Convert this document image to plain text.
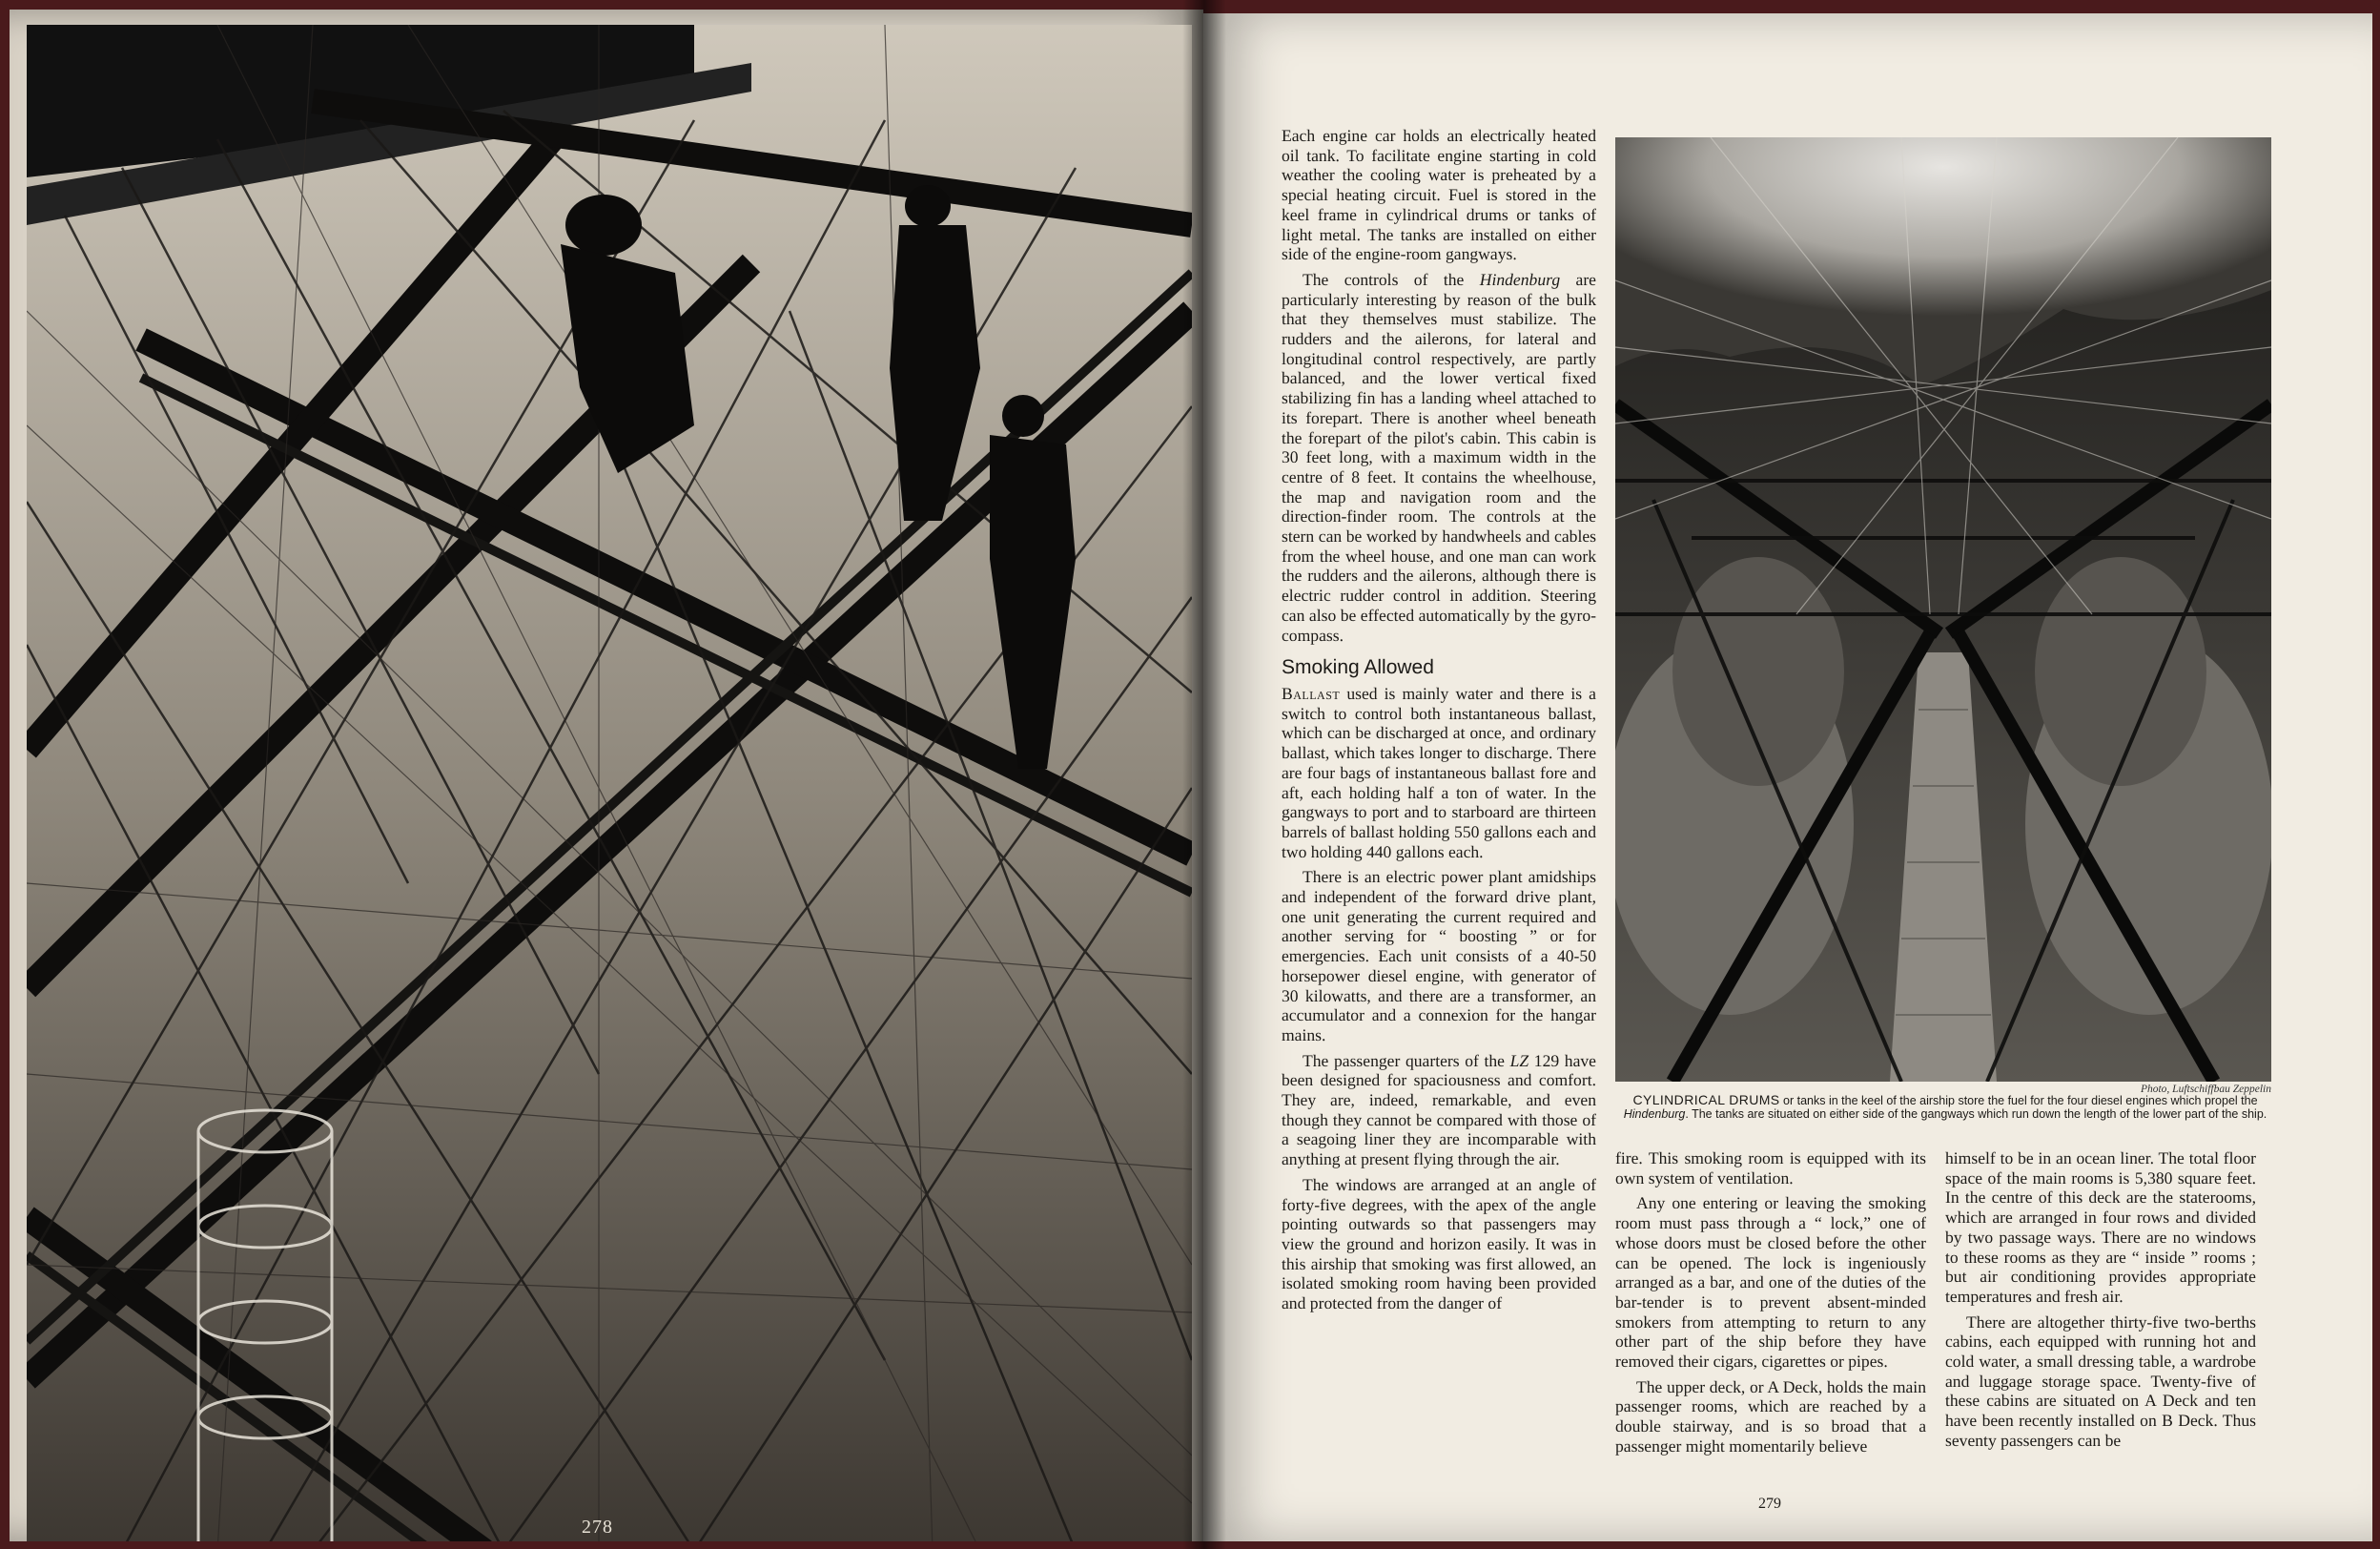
278

Each engine car holds an electrically heated oil tank. To facilitate engine starting in cold weather the cooling water is preheated by a special heating circuit. Fuel is stored in the keel frame in cylindrical drums or tanks of light metal. The tanks are installed on either side of the engine-room gangways.

The controls of the Hindenburg are particularly interesting by reason of the bulk that they themselves must stabilize. The rudders and the ailerons, for lateral and longitudinal control respectively, are partly balanced, and the lower vertical fixed stabilizing fin has a landing wheel attached to its forepart. There is another wheel beneath the forepart of the pilot's cabin. This cabin is 30 feet long, with a maximum width in the centre of 8 feet. It contains the wheelhouse, the map and navigation room and the direction-finder room. The controls at the stern can be worked by handwheels and cables from the wheel house, and one man can work the rudders and the ailerons, although there is electric rudder control in addition. Steering can also be effected automatically by the gyro-compass.

Smoking Allowed

Ballast used is mainly water and there is a switch to control both instantaneous ballast, which can be discharged at once, and ordinary ballast, which takes longer to discharge. There are four bags of instantaneous ballast fore and aft, each holding half a ton of water. In the gangways to port and to starboard are thirteen barrels of ballast holding 550 gallons each and two holding 440 gallons each.

There is an electric power plant amidships and independent of the forward drive plant, one unit generating the current required and another serving for “ boosting ” or for emergencies. Each unit consists of a 40-50 horsepower diesel engine, with generator of 30 kilowatts, and there are a transformer, an accumulator and a connexion for the hangar mains.

The passenger quarters of the LZ 129 have been designed for spaciousness and comfort. They are, indeed, remarkable, and even though they cannot be compared with those of a seagoing liner they are incomparable with anything at present flying through the air.

The windows are arranged at an angle of forty-five degrees, with the apex of the angle pointing outwards so that passengers may view the ground and horizon easily. It was in this airship that smoking was first allowed, an isolated smoking room having been provided and protected from the danger of

Photo, Luftschiffbau Zeppelin
CYLINDRICAL DRUMS or tanks in the keel of the airship store the fuel for the four diesel engines which propel the Hindenburg. The tanks are situated on either side of the gangways which run down the length of the lower part of the ship.

fire. This smoking room is equipped with its own system of ventilation.

Any one entering or leaving the smoking room must pass through a “ lock,” one of whose doors must be closed before the other can be opened. The lock is ingeniously arranged as a bar, and one of the duties of the bar-tender is to prevent absent-minded smokers from attempting to return to any other part of the ship before they have removed their cigars, cigarettes or pipes.

The upper deck, or A Deck, holds the main passenger rooms, which are reached by a double stairway, and is so broad that a passenger might momentarily believe

himself to be in an ocean liner. The total floor space of the main rooms is 5,380 square feet. In the centre of this deck are the staterooms, which are arranged in four rows and divided by two passage ways. There are no windows to these rooms as they are “ inside ” rooms ; but air conditioning provides appropriate temperatures and fresh air.

There are altogether thirty-five two-berths cabins, each equipped with running hot and cold water, a small dressing table, a wardrobe and luggage storage space. Twenty-five of these cabins are situated on A Deck and ten have been recently installed on B Deck. Thus seventy passengers can be

279
